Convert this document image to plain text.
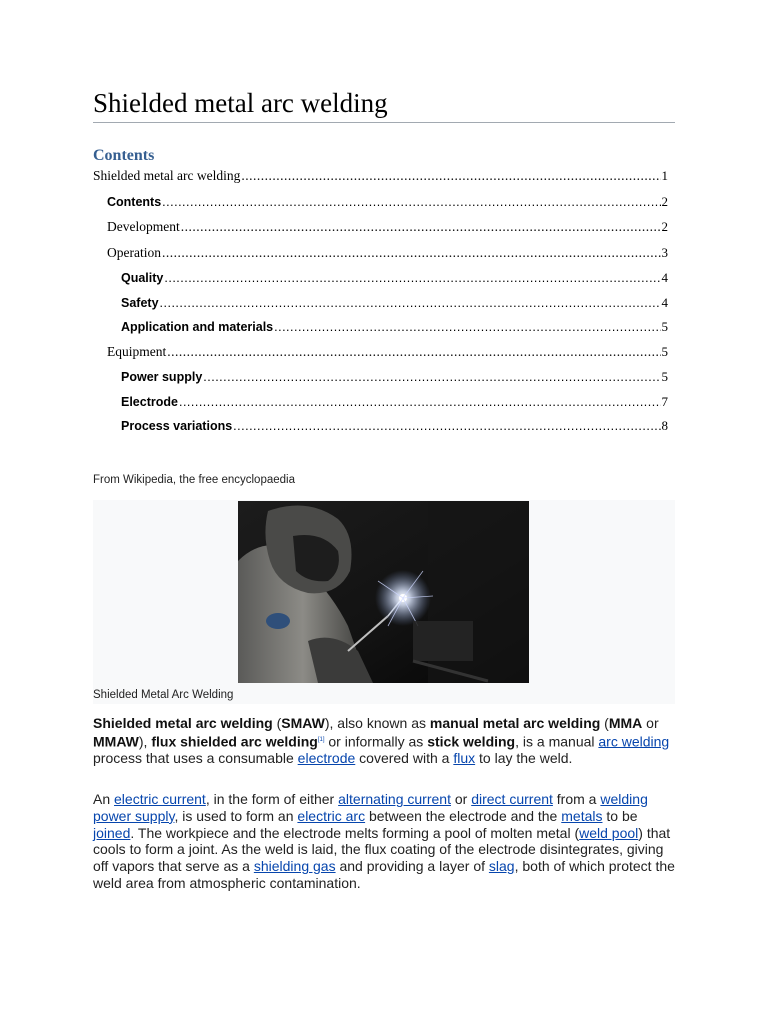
Shielded metal arc welding
Contents
Shielded metal arc welding .....	1
Contents .....	2
Development .....	2
Operation .....	3
Quality .....	4
Safety .....	4
Application and materials .....	5
Equipment .....	5
Power supply .....	5
Electrode .....	7
Process variations .....	8
From Wikipedia, the free encyclopaedia
Shielded Metal Arc Welding

Shielded metal arc welding (SMAW), also known as manual metal arc welding (MMA or MMAW), flux shielded arc welding[1] or informally as stick welding, is a manual arc welding process that uses a consumable electrode covered with a flux to lay the weld.

An electric current, in the form of either alternating current or direct current from a welding power supply, is used to form an electric arc between the electrode and the metals to be joined. The workpiece and the electrode melts forming a pool of molten metal (weld pool) that cools to form a joint. As the weld is laid, the flux coating of the electrode disintegrates, giving off vapors that serve as a shielding gas and providing a layer of slag, both of which protect the weld area from atmospheric contamination.
